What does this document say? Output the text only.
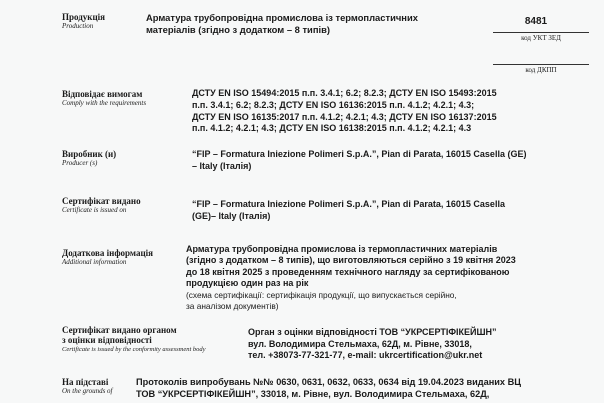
Продукція
Production
Арматура трубопровідна промислова із термопластичних
матеріалів (згідно з додатком – 8 типів)
8481
код УКТ ЗЕД
код ДКПП
Відповідає вимогам
Comply with the requirements
ДСТУ EN ISO 15494:2015 п.п. 3.4.1; 6.2; 8.2.3; ДСТУ EN ISO 15493:2015
п.п. 3.4.1; 6.2; 8.2.3; ДСТУ EN ISO 16136:2015 п.п. 4.1.2; 4.2.1; 4.3;
ДСТУ EN ISO 16135:2017 п.п. 4.1.2; 4.2.1; 4.3; ДСТУ EN ISO 16137:2015
п.п. 4.1.2; 4.2.1; 4.3; ДСТУ EN ISO 16138:2015 п.п. 4.1.2; 4.2.1; 4.3
Виробник (и)
Producer (s)
“FIP – Formatura Iniezione Polimeri S.p.A.”, Pian di Parata, 16015 Casella (GE)
– Italy (Італія)
Сертифікат видано
Certificate is issued on
“FIP – Formatura Iniezione Polimeri S.p.A.”, Pian di Parata, 16015 Casella
(GE)– Italy (Італія)
Додаткова інформація
Additional information
Арматура трубопровідна промислова із термопластичних матеріалів
(згідно з додатком – 8 типів), що виготовляються серійно з 19 квітня 2023
до 18 квітня 2025 з проведенням технічного нагляду за сертифікованою
продукцією один раз на рік
(схема сертифікації: сертифікація продукції, що випускається серійно,
за аналізом документів)
Сертифікат видано органом
з оцінки відповідності
Certificate is issued by the conformity assessment body
Орган з оцінки відповідності ТОВ “УКРСЕРТІФІКЕЙШН”
вул. Володимира Стельмаха, 62Д, м. Рівне, 33018,
тел. +38073-77-321-77, e-mail: ukrcertification@ukr.net
На підставі
On the grounds of
Протоколів випробувань №№ 0630, 0631, 0632, 0633, 0634 від 19.04.2023 виданих ВЦ
ТОВ “УКРСЕРТІФІКЕЙШН”, 33018, м. Рівне, вул. Володимира Стельмаха, 62Д,
